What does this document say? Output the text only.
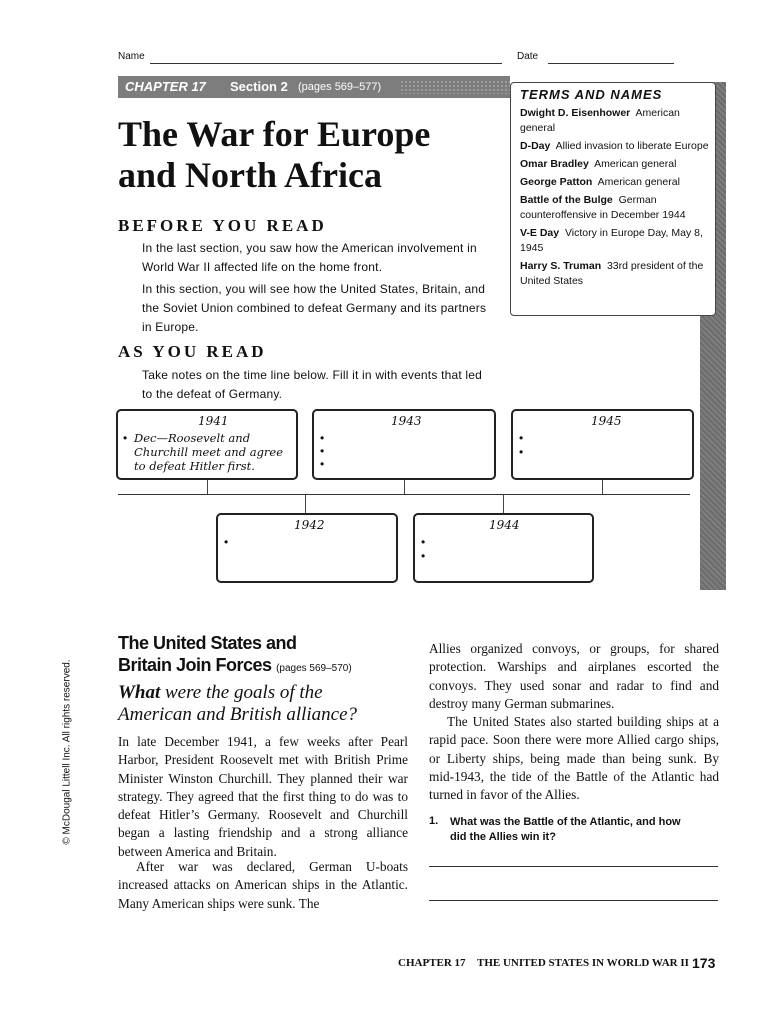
Name	Date
CHAPTER 17 Section 2 (pages 569–577)	TERMS AND NAMES
Dwight D. Eisenhower American general
D-Day Allied invasion to liberate Europe
Omar Bradley American general
George Patton American general
Battle of the Bulge German counteroffensive in December 1944
V-E Day Victory in Europe Day, May 8, 1945
Harry S. Truman 33rd president of the United States
The War for Europe
and North Africa
BEFORE YOU READ
In the last section, you saw how the American involvement in World War II affected life on the home front.
In this section, you will see how the United States, Britain, and the Soviet Union combined to defeat Germany and its partners in Europe.
AS YOU READ
Take notes on the time line below. Fill it in with events that led to the defeat of Germany.
1941
• Dec—Roosevelt and Churchill meet and agree to defeat Hitler first.
1943
•
•
•
1945
•
•
1942
•
1944
•
•
© McDougal Littell Inc. All rights reserved.
The United States and
Britain Join Forces (pages 569–570)
What were the goals of the
American and British alliance?
In late December 1941, a few weeks after Pearl Harbor, President Roosevelt met with British Prime Minister Winston Churchill. They planned their war strategy. They agreed that the first thing to do was to defeat Hitler’s Germany. Roosevelt and Churchill began a lasting friendship and a strong alliance between America and Britain.
After war was declared, German U-boats increased attacks on American ships in the Atlantic. Many American ships were sunk. The
Allies organized convoys, or groups, for shared protection. Warships and airplanes escorted the convoys. They used sonar and radar to find and destroy many German submarines.
The United States also started building ships at a rapid pace. Soon there were more Allied cargo ships, or Liberty ships, being made than being sunk. By mid-1943, the tide of the Battle of the Atlantic had turned in favor of the Allies.
1. What was the Battle of the Atlantic, and how did the Allies win it?
CHAPTER 17 THE UNITED STATES IN WORLD WAR II 173
